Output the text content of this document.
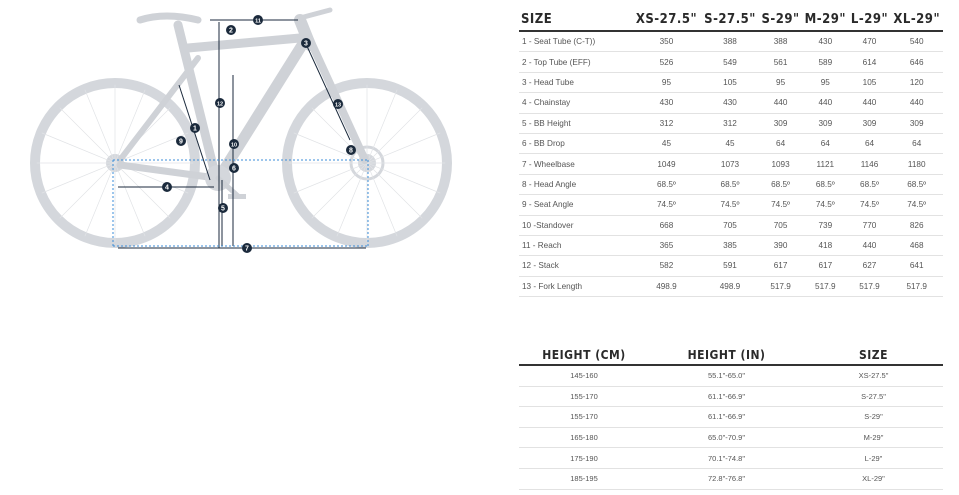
1
2
3
4
5
6
7
8
9	10
11
12	13
SIZE	XS-27.5"	S-27.5"	S-29"	M-29"	L-29"	XL-29"
1 - Seat Tube (C-T))	350	388	388	430	470	540
2 - Top Tube (EFF)	526	549	561	589	614	646
3 - Head Tube	95	105	95	95	105	120
4 - Chainstay	430	430	440	440	440	440
5 - BB Height	312	312	309	309	309	309
6 - BB Drop	45	45	64	64	64	64
7 - Wheelbase	1049	1073	1093	1121	1146	1180
8 - Head Angle	68.5º	68.5º	68.5º	68.5º	68.5º	68.5º
9 - Seat Angle	74.5º	74.5º	74.5º	74.5º	74.5º	74.5º
10 -Standover	668	705	705	739	770	826
11 - Reach	365	385	390	418	440	468
12 - Stack	582	591	617	617	627	641
13 - Fork Length	498.9	498.9	517.9	517.9	517.9	517.9
HEIGHT (CM)	HEIGHT (IN)	SIZE
145-160	55.1"-65.0"	XS-27.5"
155-170	61.1"-66.9"	S-27.5"
155-170	61.1"-66.9"	S-29"
165-180	65.0"-70.9"	M-29"
175-190	70.1"-74.8"	L-29"
185-195	72.8"-76.8"	XL-29"
